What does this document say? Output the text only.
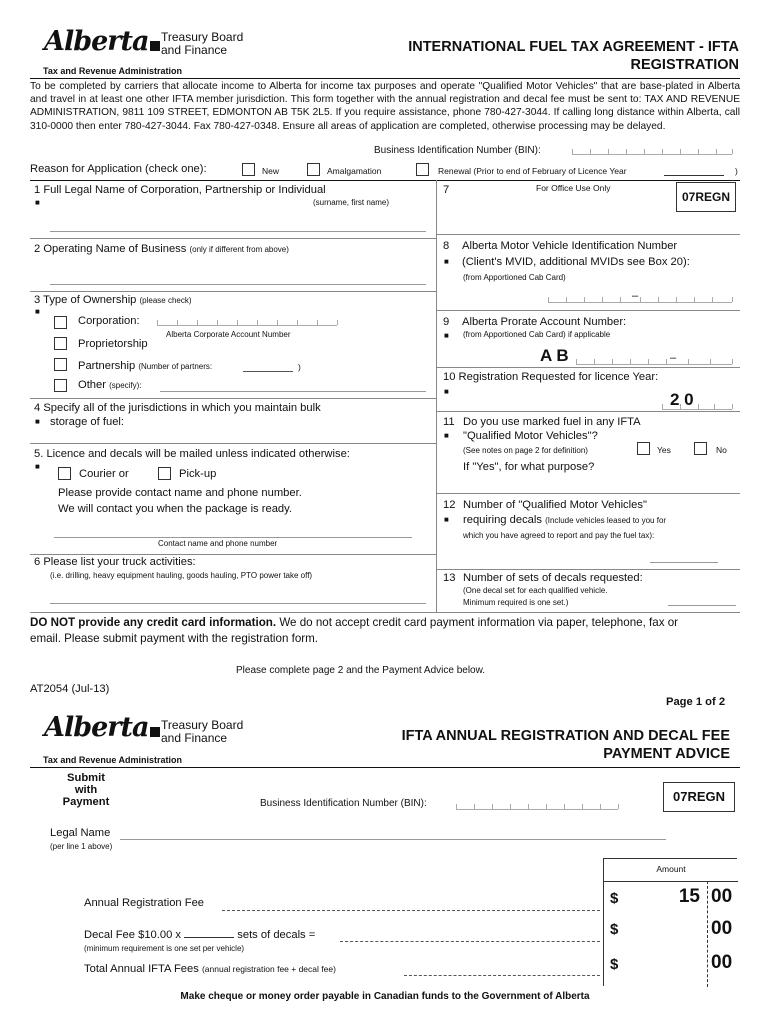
Alberta	Treasury Board
and Finance
Tax and Revenue Administration
INTERNATIONAL FUEL TAX AGREEMENT - IFTA
REGISTRATION
To be completed by carriers that allocate income to Alberta for income tax purposes and operate "Qualified Motor Vehicles" that are base-plated in Alberta and travel in at least one other IFTA member jurisdiction. This form together with the annual registration and decal fee must be sent to: TAX AND REVENUE ADMINISTRATION, 9811 109 STREET, EDMONTON AB T5K 2L5. If you require assistance, phone 780-427-3044. If calling long distance within Alberta, call 310-0000 then enter 780-427-3044. Fax 780-427-0348. Ensure all areas of application are completed, otherwise processing may be delayed.
Business Identification Number (BIN):
Reason for Application (check one):	New	Amalgamation	Renewal (Prior to end of February of Licence Year	)
1 Full Legal Name of Corporation, Partnership or Individual
■	(surname, first name)
2 Operating Name of Business (only if different from above)
3 Type of Ownership (please check)
■
Corporation:
Alberta Corporate Account Number
Proprietorship
Partnership (Number of partners:	)
Other (specify):
4 Specify all of the jurisdictions in which you maintain bulk
■ storage of fuel:
5. Licence and decals will be mailed unless indicated otherwise:
■
Courier or	Pick-up
Please provide contact name and phone number.
We will contact you when the package is ready.
Contact name and phone number
6 Please list your truck activities:
(i.e. drilling, heavy equipment hauling, goods hauling, PTO power take off)
7	For Office Use Only
07REGN
8 Alberta Motor Vehicle Identification Number
■ (Client's MVID, additional MVIDs see Box 20):
(from Apportioned Cab Card)
–
9 Alberta Prorate Account Number:
■ (from Apportioned Cab Card) if applicable
A B	–
10 Registration Requested for licence Year:
■	2 0
11 Do you use marked fuel in any IFTA
■ "Qualified Motor Vehicles"?
(See notes on page 2 for definition)	Yes	No
If "Yes", for what purpose?
12 Number of "Qualified Motor Vehicles"
■ requiring decals (Include vehicles leased to you for
which you have agreed to report and pay the fuel tax):
13 Number of sets of decals requested:
(One decal set for each qualified vehicle.
Minimum required is one set.)
DO NOT provide any credit card information. We do not accept credit card payment information via paper, telephone, fax or
email. Please submit payment with the registration form.
Please complete page 2 and the Payment Advice below.
AT2054 (Jul-13)
Page 1 of 2
Alberta	Treasury Board
and Finance
Tax and Revenue Administration
IFTA ANNUAL REGISTRATION AND DECAL FEE
PAYMENT ADVICE
Submit
with
Payment	Business Identification Number (BIN):	07REGN
Legal Name
(per line 1 above)
Amount
Annual Registration Fee	$	15 00
Decal Fee $10.00 x	sets of decals =
(minimum requirement is one set per vehicle)
$	00
Total Annual IFTA Fees (annual registration fee + decal fee)	$	00
Make cheque or money order payable in Canadian funds to the Government of Alberta
